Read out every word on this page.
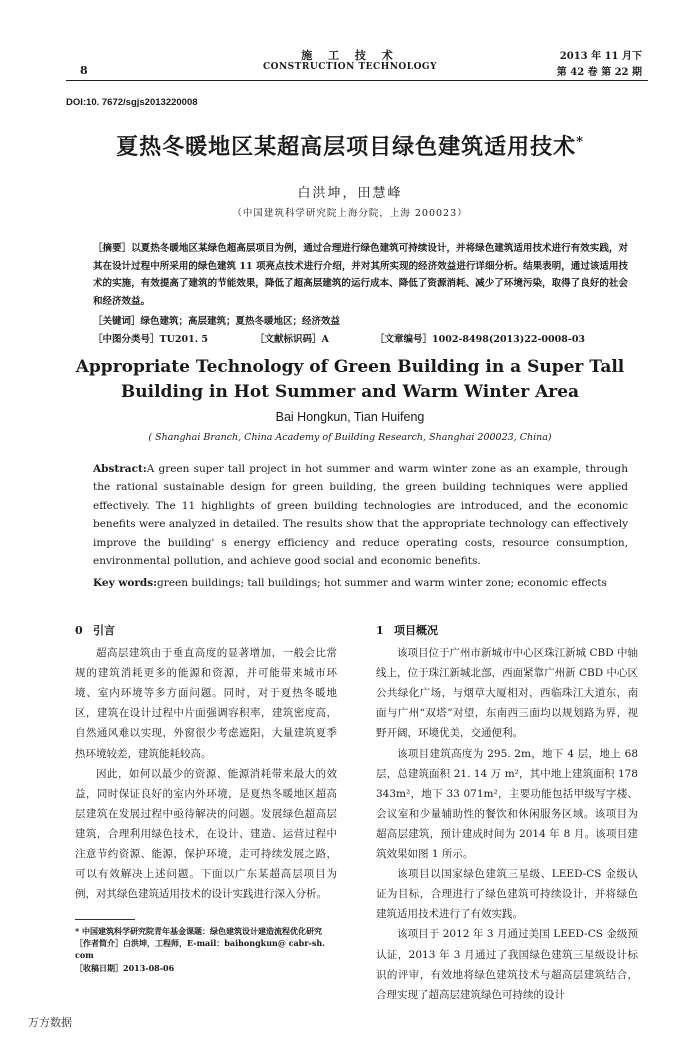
8
施 工 技 术
CONSTRUCTION TECHNOLOGY
2013 年 11 月下
第 42 卷 第 22 期
DOI:10. 7672/sgjs2013220008
夏热冬暖地区某超高层项目绿色建筑适用技术*
白洪坤，田慧峰
（中国建筑科学研究院上海分院，上海 200023）
［摘要］以夏热冬暖地区某绿色超高层项目为例，通过合理进行绿色建筑可持续设计，并将绿色建筑适用技术进行有效实践，对其在设计过程中所采用的绿色建筑 11 项亮点技术进行介绍，并对其所实现的经济效益进行详细分析。结果表明，通过该适用技术的实施，有效提高了建筑的节能效果，降低了超高层建筑的运行成本、降低了资源消耗、减少了环境污染，取得了良好的社会和经济效益。
［关键词］绿色建筑；高层建筑；夏热冬暖地区；经济效益
［中图分类号］TU201. 5	［文献标识码］A	［文章编号］1002-8498(2013)22-0008-03
Appropriate Technology of Green Building in a Super Tall
Building in Hot Summer and Warm Winter Area
Bai Hongkun, Tian Huifeng
( Shanghai Branch, China Academy of Building Research, Shanghai 200023, China)
Abstract:A green super tall project in hot summer and warm winter zone as an example, through the rational sustainable design for green building, the green building techniques were applied effectively. The 11 highlights of green building technologies are introduced, and the economic benefits were analyzed in detailed. The results show that the appropriate technology can effectively improve the building' s energy efficiency and reduce operating costs, resource consumption, environmental pollution, and achieve good social and economic benefits.
Key words:green buildings; tall buildings; hot summer and warm winter zone; economic effects
0 引言

超高层建筑由于垂直高度的显著增加，一般会比常规的建筑消耗更多的能源和资源，并可能带来城市环境、室内环境等多方面问题。同时，对于夏热冬暖地区，建筑在设计过程中片面强调容积率，建筑密度高，自然通风难以实现，外窗很少考虑遮阳，大量建筑夏季热环境较差，建筑能耗较高。

因此，如何以最少的资源、能源消耗带来最大的效益，同时保证良好的室内外环境，是夏热冬暖地区超高层建筑在发展过程中亟待解决的问题。发展绿色超高层建筑，合理利用绿色技术，在设计、建造、运营过程中注意节约资源、能源，保护环境，走可持续发展之路，可以有效解决上述问题。下面以广东某超高层项目为例，对其绿色建筑适用技术的设计实践进行深入分析。

* 中国建筑科学研究院青年基金课题：绿色建筑设计建造流程优化研究
［作者简介］白洪坤，工程师，E-mail：baihongkun@ cabr-sh. com
［收稿日期］2013-08-06
1 项目概况

该项目位于广州市新城市中心区珠江新城 CBD 中轴线上，位于珠江新城北部，西面紧靠广州新 CBD 中心区公共绿化广场，与烟草大厦相对，西临珠江大道东，南面与广州“双塔”对望，东南西三面均以规划路为界，视野开阔，环境优美，交通便利。

该项目建筑高度为 295. 2m，地下 4 层，地上 68 层，总建筑面积 21. 14 万 m²，其中地上建筑面积 178 343m²，地下 33 071m²，主要功能包括甲级写字楼、会议室和少量辅助性的餐饮和休闲服务区域。该项目为超高层建筑，预计建成时间为 2014 年 8 月。该项目建筑效果如图 1 所示。

该项目以国家绿色建筑三星级、LEED-CS 金级认证为目标，合理进行了绿色建筑可持续设计，并将绿色建筑适用技术进行了有效实践。

该项目于 2012 年 3 月通过美国 LEED-CS 金级预认证，2013 年 3 月通过了我国绿色建筑三星级设计标识的评审，有效地将绿色建筑技术与超高层建筑结合，合理实现了超高层建筑绿色可持续的设计

万方数据
